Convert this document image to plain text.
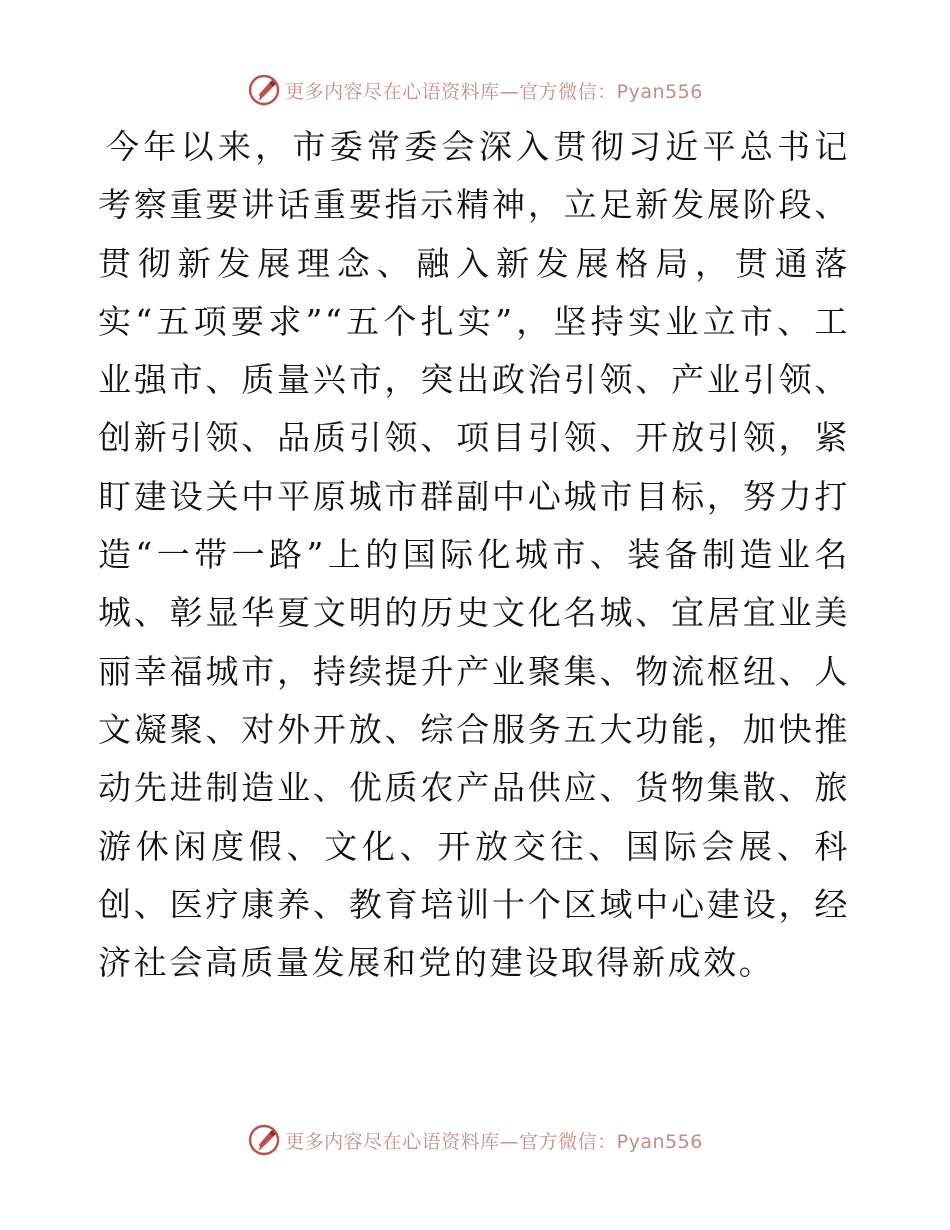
更多内容尽在心语资料库—官方微信：Pyan556

今年以来，市委常委会深入贯彻习近平总书记考察重要讲话重要指示精神，立足新发展阶段、贯彻新发展理念、融入新发展格局，贯通落实“五项要求”“五个扎实”，坚持实业立市、工业强市、质量兴市，突出政治引领、产业引领、创新引领、品质引领、项目引领、开放引领，紧盯建设关中平原城市群副中心城市目标，努力打造“一带一路”上的国际化城市、装备制造业名城、彰显华夏文明的历史文化名城、宜居宜业美丽幸福城市，持续提升产业聚集、物流枢纽、人文凝聚、对外开放、综合服务五大功能，加快推动先进制造业、优质农产品供应、货物集散、旅游休闲度假、文化、开放交往、国际会展、科创、医疗康养、教育培训十个区域中心建设，经济社会高质量发展和党的建设取得新成效。

更多内容尽在心语资料库—官方微信：Pyan556
